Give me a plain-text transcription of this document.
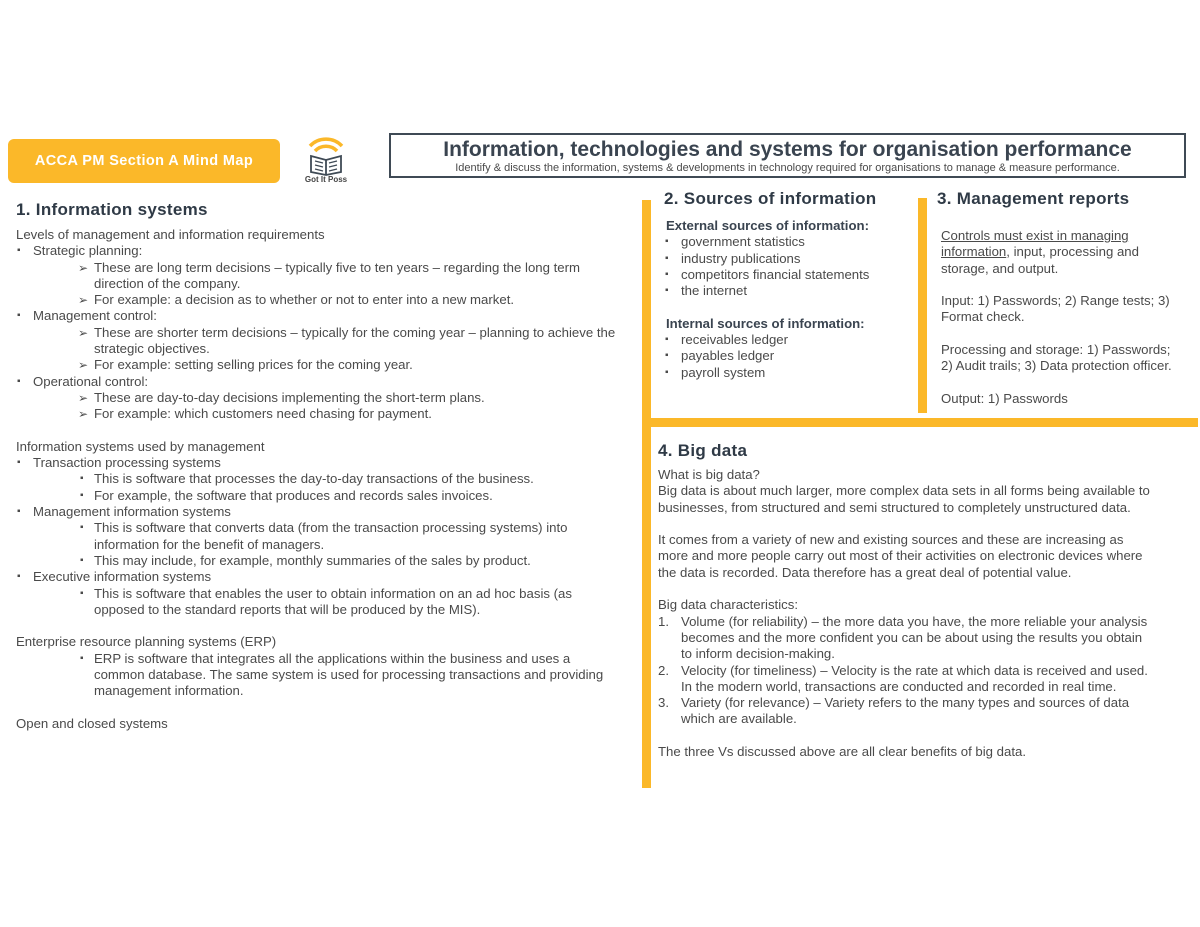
ACCA PM Section A Mind Map
Got It Poss
Information, technologies and systems for organisation performance
Identify & discuss the information, systems & developments in technology required for organisations to manage & measure performance.
1. Information systems
Levels of management and information requirements
▪ Strategic planning:
➢ These are long term decisions – typically five to ten years – regarding the long term
direction of the company.
➢ For example: a decision as to whether or not to enter into a new market.
▪ Management control:
➢ These are shorter term decisions – typically for the coming year – planning to achieve the
strategic objectives.
➢ For example: setting selling prices for the coming year.
▪ Operational control:
➢ These are day-to-day decisions implementing the short-term plans.
➢ For example: which customers need chasing for payment.
Information systems used by management
▪ Transaction processing systems
▪ This is software that processes the day-to-day transactions of the business.
▪ For example, the software that produces and records sales invoices.
▪ Management information systems
▪ This is software that converts data (from the transaction processing systems) into
information for the benefit of managers.
▪ This may include, for example, monthly summaries of the sales by product.
▪ Executive information systems
▪ This is software that enables the user to obtain information on an ad hoc basis (as
opposed to the standard reports that will be produced by the MIS).
Enterprise resource planning systems (ERP)
▪ ERP is software that integrates all the applications within the business and uses a
common database. The same system is used for processing transactions and providing
management information.
Open and closed systems
2. Sources of information
External sources of information:
▪ government statistics
▪ industry publications
▪ competitors financial statements
▪ the internet
Internal sources of information:
▪ receivables ledger
▪ payables ledger
▪ payroll system
3. Management reports
Controls must exist in managing
information, input, processing and
storage, and output.
Input: 1) Passwords; 2) Range tests; 3)
Format check.
Processing and storage: 1) Passwords;
2) Audit trails; 3) Data protection officer.
Output: 1) Passwords
4. Big data
What is big data?
Big data is about much larger, more complex data sets in all forms being available to
businesses, from structured and semi structured to completely unstructured data.
It comes from a variety of new and existing sources and these are increasing as
more and more people carry out most of their activities on electronic devices where
the data is recorded. Data therefore has a great deal of potential value.
Big data characteristics:
1. Volume (for reliability) – the more data you have, the more reliable your analysis
becomes and the more confident you can be about using the results you obtain
to inform decision-making.
2. Velocity (for timeliness) – Velocity is the rate at which data is received and used.
In the modern world, transactions are conducted and recorded in real time.
3. Variety (for relevance) – Variety refers to the many types and sources of data
which are available.
The three Vs discussed above are all clear benefits of big data.
